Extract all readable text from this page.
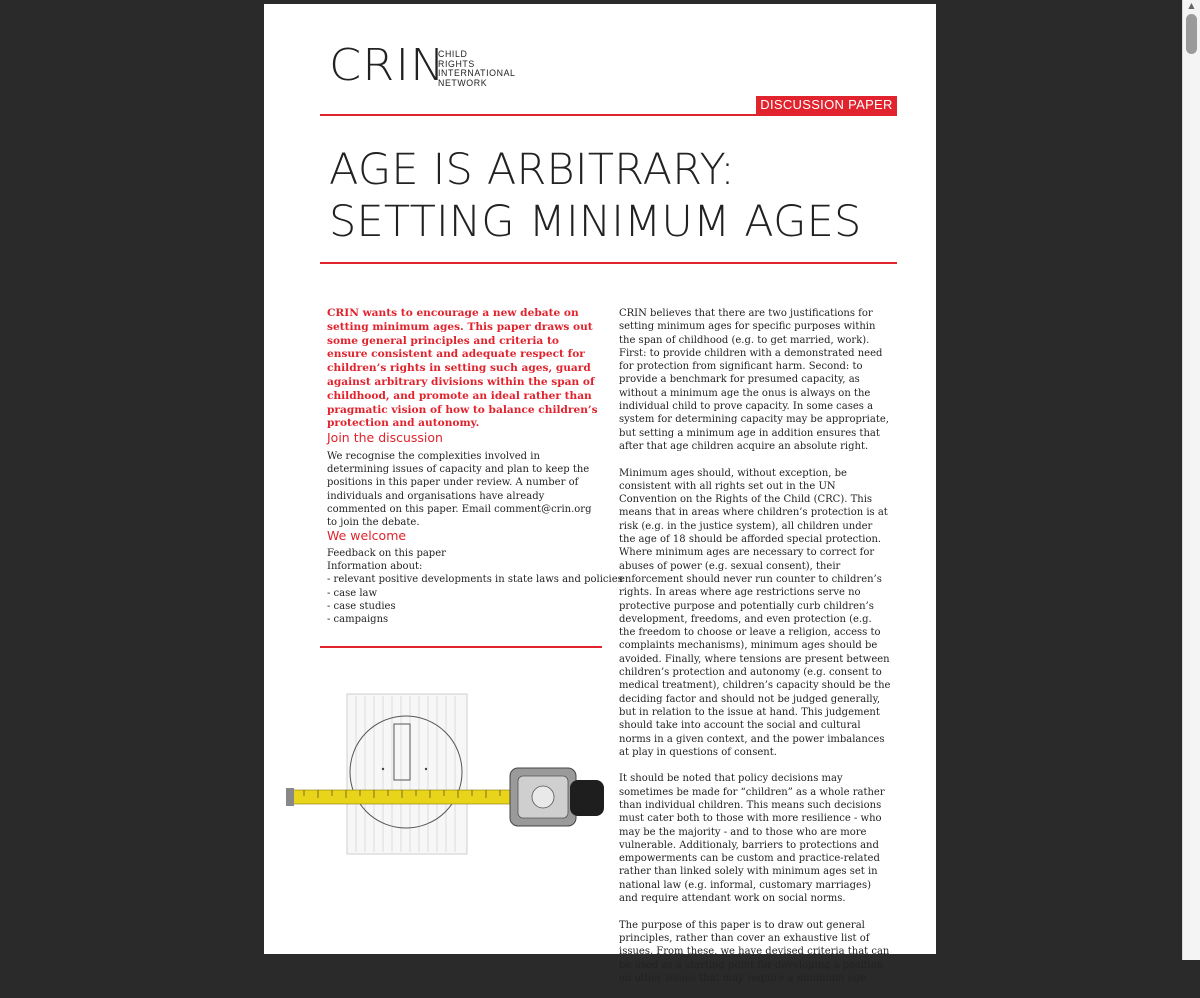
▲
CRIN
CHILD
RIGHTS
INTERNATIONAL
NETWORK
DISCUSSION PAPER
AGE IS ARBITRARY:
SETTING MINIMUM AGES
CRIN wants to encourage a new debate on setting minimum ages. This paper draws out some general principles and criteria to ensure consistent and adequate respect for children’s rights in setting such ages, guard against arbitrary divisions within the span of childhood, and promote an ideal rather than pragmatic vision of how to balance children’s protection and autonomy.
Join the discussion
We recognise the complexities involved in determining issues of capacity and plan to keep the positions in this paper under review. A number of individuals and organisations have already commented on this paper. Email comment@crin.org to join the debate.
We welcome
Feedback on this paper
Information about:
- relevant positive developments in state laws and policies
- case law
- case studies
- campaigns

CRIN believes that there are two justifications for setting minimum ages for specific purposes within the span of childhood (e.g. to get married, work). First: to provide children with a demonstrated need for protection from significant harm. Second: to provide a benchmark for presumed capacity, as without a minimum age the onus is always on the individual child to prove capacity. In some cases a system for determining capacity may be appropriate, but setting a minimum age in addition ensures that after that age children acquire an absolute right.

Minimum ages should, without exception, be consistent with all rights set out in the UN Convention on the Rights of the Child (CRC). This means that in areas where children’s protection is at risk (e.g. in the justice system), all children under the age of 18 should be afforded special protection. Where minimum ages are necessary to correct for abuses of power (e.g. sexual consent), their enforcement should never run counter to children’s rights. In areas where age restrictions serve no protective purpose and potentially curb children’s development, freedoms, and even protection (e.g. the freedom to choose or leave a religion, access to complaints mechanisms), minimum ages should be avoided. Finally, where tensions are present between children’s protection and autonomy (e.g. consent to medical treatment), children’s capacity should be the deciding factor and should not be judged generally, but in relation to the issue at hand. This judgement should take into account the social and cultural norms in a given context, and the power imbalances at play in questions of consent.

It should be noted that policy decisions may sometimes be made for “children” as a whole rather than individual children. This means such decisions must cater both to those with more resilience - who may be the majority - and to those who are more vulnerable. Additionaly, barriers to protections and empowerments can be custom and practice-related rather than linked solely with minimum ages set in national law (e.g. informal, customary marriages) and require attendant work on social norms.

The purpose of this paper is to draw out general principles, rather than cover an exhaustive list of issues. From these, we have devised criteria that can be used as a starting point for developing a position on other issues that may require a minimum age.
